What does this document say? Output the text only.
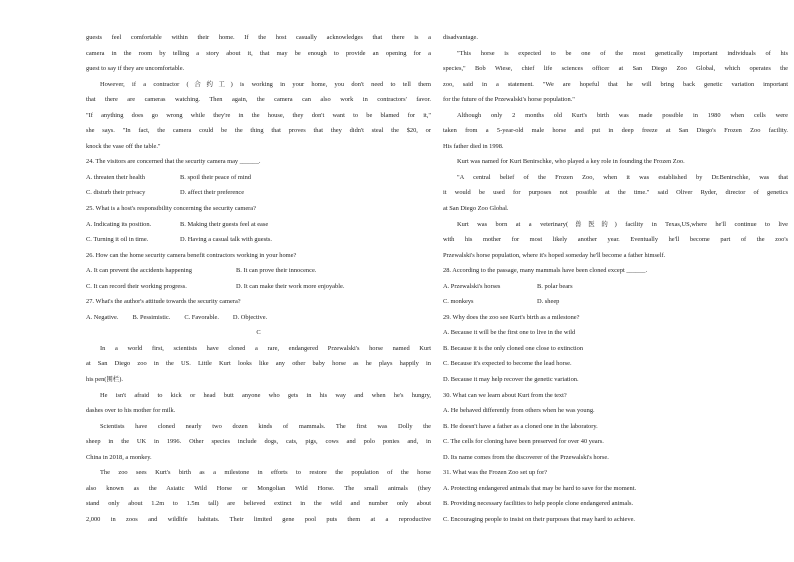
guests feel comfortable within their home. If the host casually acknowledges that there is a
camera in the room by telling a story about it, that may be enough to provide an opening for a
guest to say if they are uncomfortable.
However, if a contractor (合约工) is working in your home, you don't need to tell them
that there are cameras watching. Then again, the camera can also work in contractors' favor.
"If anything does go wrong while they're in the house, they don't want to be blamed for it,"
she says. "In fact, the camera could be the thing that proves that they didn't steal the $20, or
knock the vase off the table."
24. The visitors are concerned that the security camera may ______.
A. threaten their health	B. spoil their peace of mind
C. disturb their privacy	D. affect their preference
25. What is a host's responsibility concerning the security camera?
A. Indicating its position.	B. Making their guests feel at ease
C. Turning it oil in time.	D. Having a casual talk with guests.
26. How can the home security camera benefit contractors working in your home?
A. It can prevent the accidents happening	B. It can prove their innocence.
C. It can record their working progress.	D. It can make their work more enjoyable.
27. What's the author's attitude towards the security camera?
A. Negative. B. Pessimistic. C. Favorable. D. Objective.
C
In a world first, scientists have cloned a rare, endangered Przewalski's horse named Kurt
at San Diego zoo in the US. Little Kurt looks like any other baby horse as he plays happily in
his pen(围栏).
He isn't afraid to kick or head butt anyone who gets in his way and when he's hungry,
dashes over to his mother for milk.
Scientists have cloned nearly two dozen kinds of mammals. The first was Dolly the
sheep in the UK in 1996. Other species include dogs, cats, pigs, cows and polo ponies and, in
China in 2018, a monkey.
The zoo sees Kurt's birth as a milestone in efforts to restore the population of the horse
also known as the Asiatic Wild Horse or Mongolian Wild Horse. The small animals (they
stand only about 1.2m to 1.5m tall) are believed extinct in the wild and number only about
2,000 in zoos and wildlife habitats. Their limited gene pool puts them at a reproductive
disadvantage.
"This horse is expected to be one of the most genetically important individuals of his
species," Bob Wiese, chief life sciences officer at San Diego Zoo Global, which operates the
zoo, said in a statement. "We are hopeful that he will bring back genetic variation important
for the future of the Przewalski's horse population."
Although only 2 months old Kurt's birth was made possible in 1980 when cells were
taken from a 5-year-old male horse and put in deep freeze at San Diego's Frozen Zoo facility.
His father died in 1998.
Kurt was named for Kurt Benirschke, who played a key role in founding the Frozen Zoo.
"A central belief of the Frozen Zoo, when it was established by Dr.Benirschke, was that
it would be used for purposes not possible at the time." said Oliver Ryder, director of genetics
at San Diego Zoo Global.
Kurt was born at a veterinary(兽医的) facility in Texas,US,where he'll continue to live
with his mother for most likely another year. Eventually he'll become part of the zoo's
Przewalski's horse population, where it's hoped someday he'll become a father himself.
28. According to the passage, many mammals have been cloned except ______.
A. Przewalski's horses	B. polar bears
C. monkeys	D. sheep
29. Why does the zoo see Kurt's birth as a milestone?
A. Because it will be the first one to live in the wild
B. Because it is the only cloned one close to extinction
C. Because it's expected to become the lead horse.
D. Because it may help recover the genetic variation.
30. What can we learn about Kurt from the text?
A. He behaved differently from others when he was young.
B. He doesn't have a father as a cloned one in the laboratory.
C. The cells for cloning have been preserved for over 40 years.
D. Its name comes from the discoverer of the Przewalski's horse.
31. What was the Frozen Zoo set up for?
A. Protecting endangered animals that may be hard to save for the moment.
B. Providing necessary facilities to help people clone endangered animals.
C. Encouraging people to insist on their purposes that may hard to achieve.
